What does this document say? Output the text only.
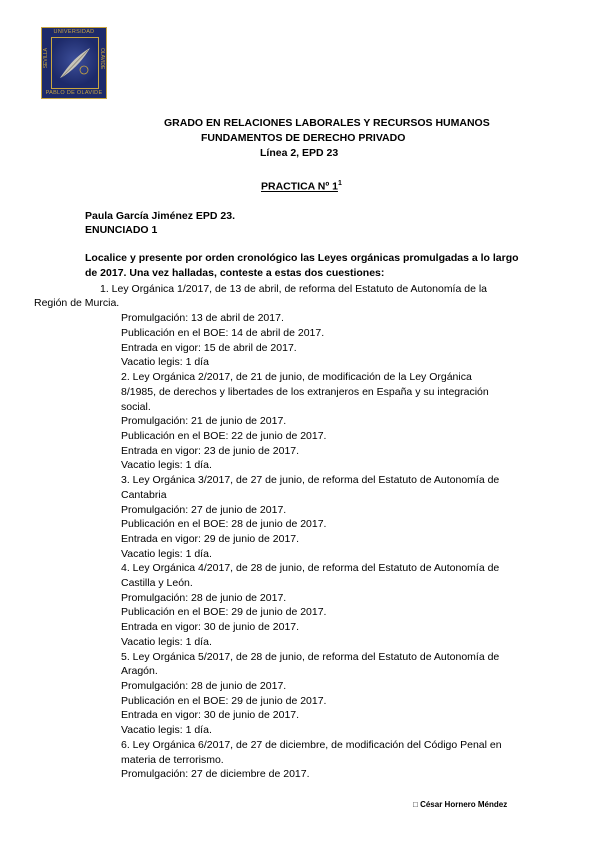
UNIVERSIDAD
SEVILLA	OLAVIDE
PABLO DE OLAVIDE
GRADO EN RELACIONES LABORALES Y RECURSOS HUMANOS
FUNDAMENTOS DE DERECHO PRIVADO
Línea 2, EPD 23
PRACTICA Nº $1^1$
Paula García Jiménez EPD 23.
ENUNCIADO 1
Localice y presente por orden cronológico las Leyes orgánicas promulgadas a lo largo
de 2017. Una vez halladas, conteste a estas dos cuestiones:
1. Ley Orgánica 1/2017, de 13 de abril, de reforma del Estatuto de Autonomía de la
Región de Murcia.
Promulgación: 13 de abril de 2017.
Publicación en el BOE: 14 de abril de 2017.
Entrada en vigor: 15 de abril de 2017.
Vacatio legis: 1 día
2. Ley Orgánica 2/2017, de 21 de junio, de modificación de la Ley Orgánica
8/1985, de derechos y libertades de los extranjeros en España y su integración
social.
Promulgación: 21 de junio de 2017.
Publicación en el BOE: 22 de junio de 2017.
Entrada en vigor: 23 de junio de 2017.
Vacatio legis: 1 día.
3. Ley Orgánica 3/2017, de 27 de junio, de reforma del Estatuto de Autonomía de
Cantabria
Promulgación: 27 de junio de 2017.
Publicación en el BOE: 28 de junio de 2017.
Entrada en vigor: 29 de junio de 2017.
Vacatio legis: 1 día.
4. Ley Orgánica 4/2017, de 28 de junio, de reforma del Estatuto de Autonomía de
Castilla y León.
Promulgación: 28 de junio de 2017.
Publicación en el BOE: 29 de junio de 2017.
Entrada en vigor: 30 de junio de 2017.
Vacatio legis: 1 día.
5. Ley Orgánica 5/2017, de 28 de junio, de reforma del Estatuto de Autonomía de
Aragón.
Promulgación: 28 de junio de 2017.
Publicación en el BOE: 29 de junio de 2017.
Entrada en vigor: 30 de junio de 2017.
Vacatio legis: 1 día.
6. Ley Orgánica 6/2017, de 27 de diciembre, de modificación del Código Penal en
materia de terrorismo.
Promulgación: 27 de diciembre de 2017.
□ César Hornero Méndez
